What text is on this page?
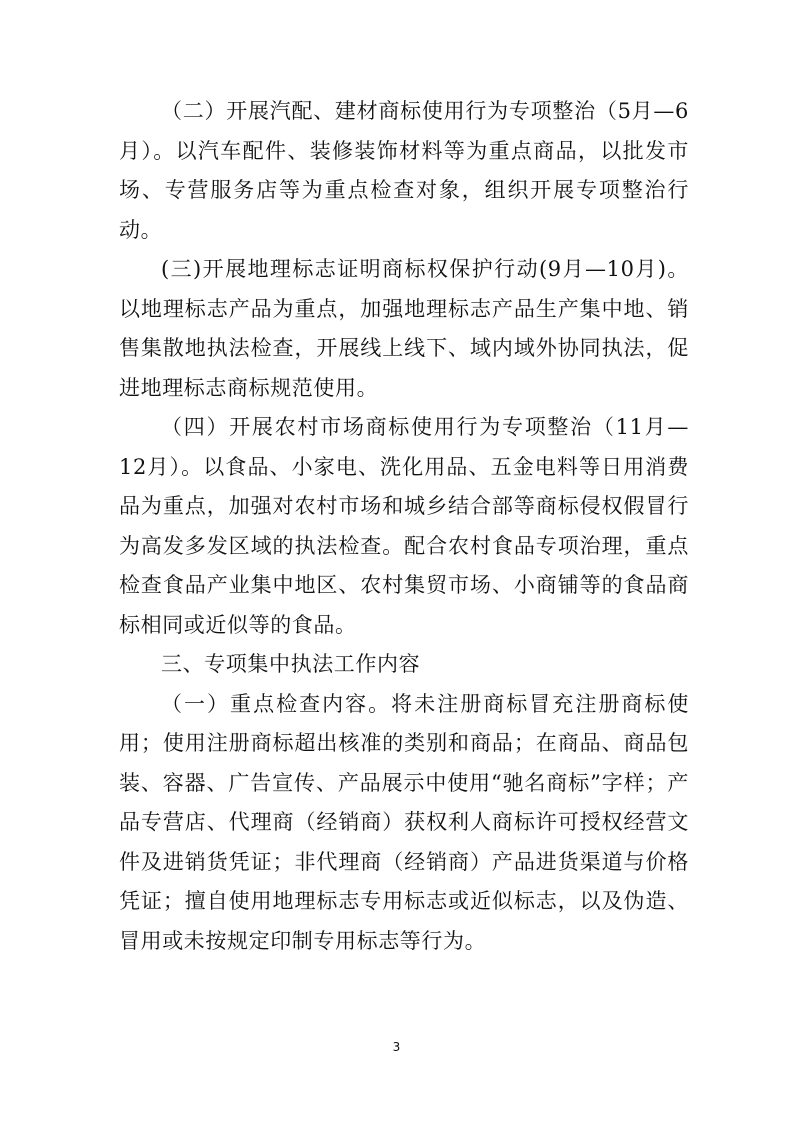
（二）开展汽配、建材商标使用行为专项整治（5月—6月）。以汽车配件、装修装饰材料等为重点商品，以批发市场、专营服务店等为重点检查对象，组织开展专项整治行动。

(三)开展地理标志证明商标权保护行动(9月—10月)。以地理标志产品为重点，加强地理标志产品生产集中地、销售集散地执法检查，开展线上线下、域内域外协同执法，促进地理标志商标规范使用。

（四）开展农村市场商标使用行为专项整治（11月—12月）。以食品、小家电、洗化用品、五金电料等日用消费品为重点，加强对农村市场和城乡结合部等商标侵权假冒行为高发多发区域的执法检查。配合农村食品专项治理，重点检查食品产业集中地区、农村集贸市场、小商铺等的食品商标相同或近似等的食品。

三、专项集中执法工作内容

（一）重点检查内容。将未注册商标冒充注册商标使用；使用注册商标超出核准的类别和商品；在商品、商品包装、容器、广告宣传、产品展示中使用“驰名商标”字样；产品专营店、代理商（经销商）获权利人商标许可授权经营文件及进销货凭证；非代理商（经销商）产品进货渠道与价格凭证；擅自使用地理标志专用标志或近似标志，以及伪造、冒用或未按规定印制专用标志等行为。

3
